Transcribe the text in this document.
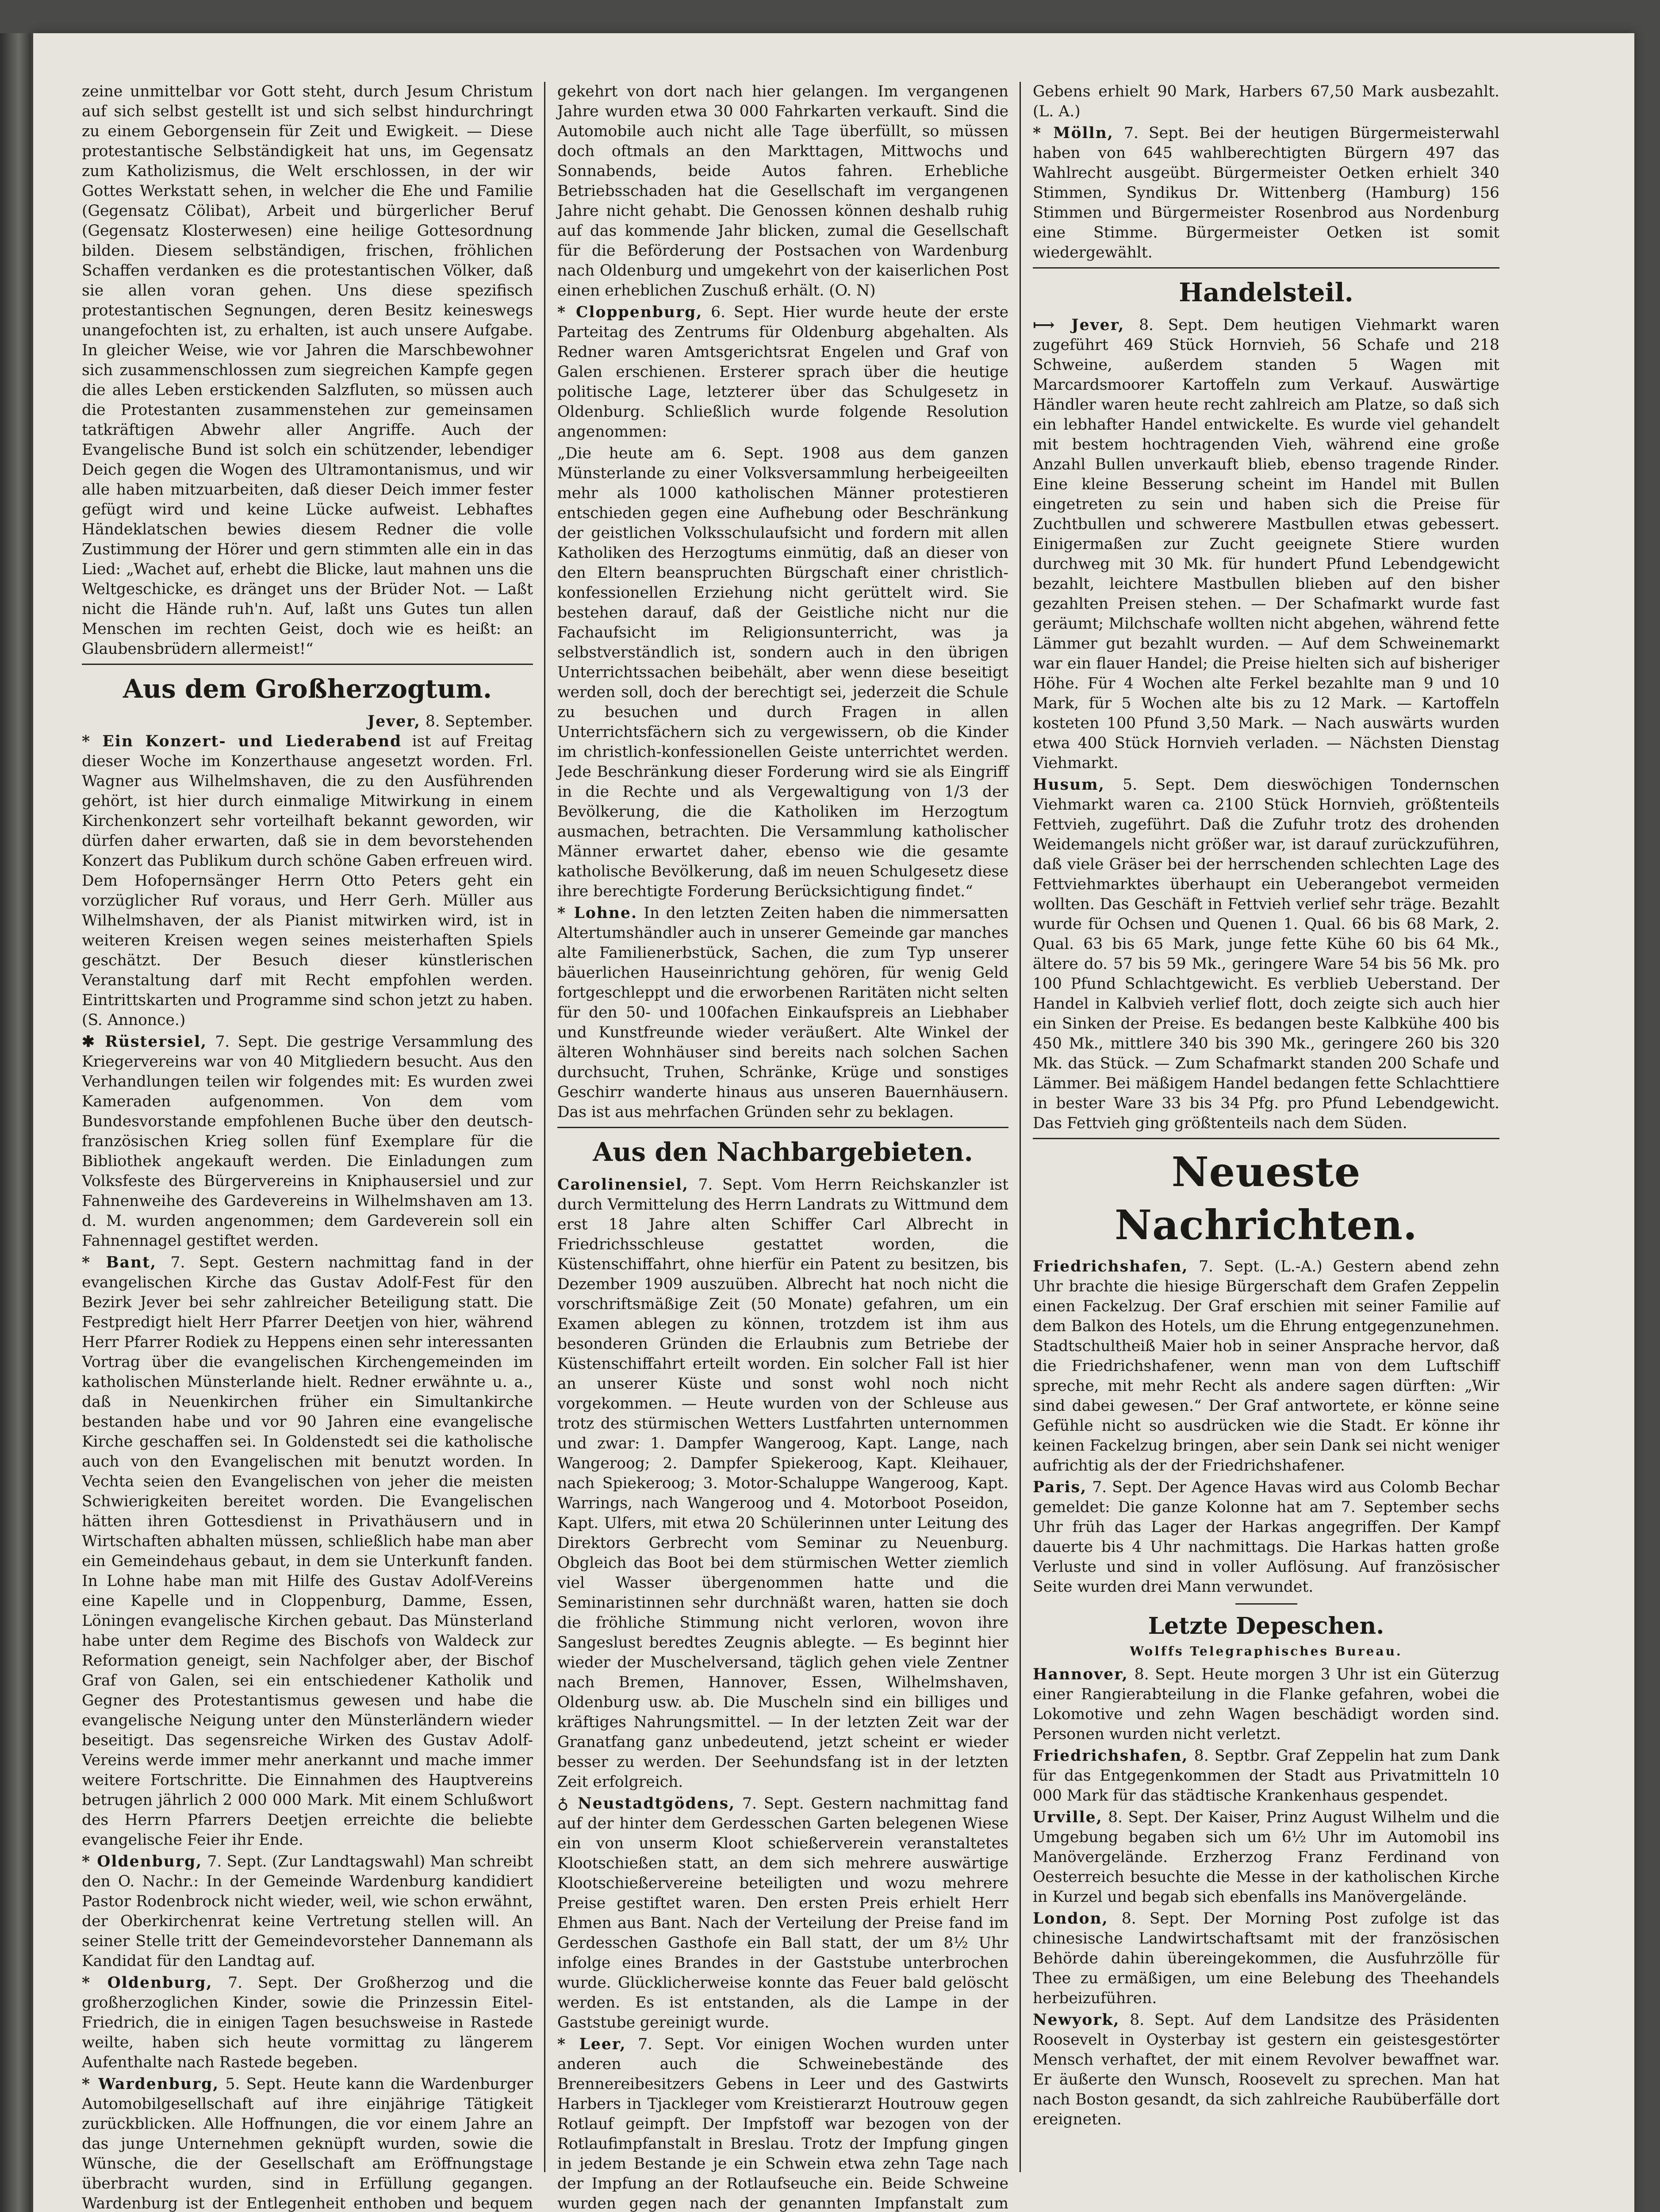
zeine unmittelbar vor Gott steht, durch Jesum Christum auf sich selbst gestellt ist und sich selbst hindurchringt zu einem Geborgensein für Zeit und Ewigkeit. — Diese protestantische Selbständigkeit hat uns, im Gegensatz zum Katholizismus, die Welt erschlossen, in der wir Gottes Werkstatt sehen, in welcher die Ehe und Familie (Gegensatz Cölibat), Arbeit und bürgerlicher Beruf (Gegensatz Klosterwesen) eine heilige Gottesordnung bilden. Diesem selbständigen, frischen, fröhlichen Schaffen verdanken es die protestantischen Völker, daß sie allen voran gehen. Uns diese spezifisch protestantischen Segnungen, deren Besitz keineswegs unangefochten ist, zu erhalten, ist auch unsere Aufgabe. In gleicher Weise, wie vor Jahren die Marschbewohner sich zusammenschlossen zum siegreichen Kampfe gegen die alles Leben erstickenden Salzfluten, so müssen auch die Protestanten zusammenstehen zur gemeinsamen tatkräftigen Abwehr aller Angriffe. Auch der Evangelische Bund ist solch ein schützender, lebendiger Deich gegen die Wogen des Ultramontanismus, und wir alle haben mitzuarbeiten, daß dieser Deich immer fester gefügt wird und keine Lücke aufweist. Lebhaftes Händeklatschen bewies diesem Redner die volle Zustimmung der Hörer und gern stimmten alle ein in das Lied: „Wachet auf, erhebt die Blicke, laut mahnen uns die Weltgeschicke, es dränget uns der Brüder Not. — Laßt nicht die Hände ruh'n. Auf, laßt uns Gutes tun allen Menschen im rechten Geist, doch wie es heißt: an Glaubensbrüdern allermeist!“

Aus dem Großherzogtum.
Jever, 8. September.

* Ein Konzert- und Liederabend ist auf Freitag dieser Woche im Konzerthause angesetzt worden. Frl. Wagner aus Wilhelmshaven, die zu den Ausführenden gehört, ist hier durch einmalige Mitwirkung in einem Kirchenkonzert sehr vorteilhaft bekannt geworden, wir dürfen daher erwarten, daß sie in dem bevorstehenden Konzert das Publikum durch schöne Gaben erfreuen wird. Dem Hofopernsänger Herrn Otto Peters geht ein vorzüglicher Ruf voraus, und Herr Gerh. Müller aus Wilhelmshaven, der als Pianist mitwirken wird, ist in weiteren Kreisen wegen seines meisterhaften Spiels geschätzt. Der Besuch dieser künstlerischen Veranstaltung darf mit Recht empfohlen werden. Eintrittskarten und Programme sind schon jetzt zu haben. (S. Annonce.)

✱ Rüstersiel, 7. Sept. Die gestrige Versammlung des Kriegervereins war von 40 Mitgliedern besucht. Aus den Verhandlungen teilen wir folgendes mit: Es wurden zwei Kameraden aufgenommen. Von dem vom Bundesvorstande empfohlenen Buche über den deutsch-französischen Krieg sollen fünf Exemplare für die Bibliothek angekauft werden. Die Einladungen zum Volksfeste des Bürgervereins in Kniphausersiel und zur Fahnenweihe des Gardevereins in Wilhelmshaven am 13. d. M. wurden angenommen; dem Gardeverein soll ein Fahnennagel gestiftet werden.

* Bant, 7. Sept. Gestern nachmittag fand in der evangelischen Kirche das Gustav Adolf-Fest für den Bezirk Jever bei sehr zahlreicher Beteiligung statt. Die Festpredigt hielt Herr Pfarrer Deetjen von hier, während Herr Pfarrer Rodiek zu Heppens einen sehr interessanten Vortrag über die evangelischen Kirchengemeinden im katholischen Münsterlande hielt. Redner erwähnte u. a., daß in Neuenkirchen früher ein Simultankirche bestanden habe und vor 90 Jahren eine evangelische Kirche geschaffen sei. In Goldenstedt sei die katholische auch von den Evangelischen mit benutzt worden. In Vechta seien den Evangelischen von jeher die meisten Schwierigkeiten bereitet worden. Die Evangelischen hätten ihren Gottesdienst in Privathäusern und in Wirtschaften abhalten müssen, schließlich habe man aber ein Gemeindehaus gebaut, in dem sie Unterkunft fanden. In Lohne habe man mit Hilfe des Gustav Adolf-Vereins eine Kapelle und in Cloppenburg, Damme, Essen, Löningen evangelische Kirchen gebaut. Das Münsterland habe unter dem Regime des Bischofs von Waldeck zur Reformation geneigt, sein Nachfolger aber, der Bischof Graf von Galen, sei ein entschiedener Katholik und Gegner des Protestantismus gewesen und habe die evangelische Neigung unter den Münsterländern wieder beseitigt. Das segensreiche Wirken des Gustav Adolf-Vereins werde immer mehr anerkannt und mache immer weitere Fortschritte. Die Einnahmen des Hauptvereins betrugen jährlich 2 000 000 Mark. Mit einem Schlußwort des Herrn Pfarrers Deetjen erreichte die beliebte evangelische Feier ihr Ende.

* Oldenburg, 7. Sept. (Zur Landtagswahl) Man schreibt den O. Nachr.: In der Gemeinde Wardenburg kandidiert Pastor Rodenbrock nicht wieder, weil, wie schon erwähnt, der Oberkirchenrat keine Vertretung stellen will. An seiner Stelle tritt der Gemeindevorsteher Dannemann als Kandidat für den Landtag auf.

* Oldenburg, 7. Sept. Der Großherzog und die großherzoglichen Kinder, sowie die Prinzessin Eitel-Friedrich, die in einigen Tagen besuchsweise in Rastede weilte, haben sich heute vormittag zu längerem Aufenthalte nach Rastede begeben.

* Wardenburg, 5. Sept. Heute kann die Wardenburger Automobilgesellschaft auf ihre einjährige Tätigkeit zurückblicken. Alle Hoffnungen, die vor einem Jahre an das junge Unternehmen geknüpft wurden, sowie die Wünsche, die der Gesellschaft am Eröffnungstage überbracht wurden, sind in Erfüllung gegangen. Wardenburg ist der Entlegenheit enthoben und bequem

gekehrt von dort nach hier gelangen. Im vergangenen Jahre wurden etwa 30 000 Fahrkarten verkauft. Sind die Automobile auch nicht alle Tage überfüllt, so müssen doch oftmals an den Markttagen, Mittwochs und Sonnabends, beide Autos fahren. Erhebliche Betriebsschaden hat die Gesellschaft im vergangenen Jahre nicht gehabt. Die Genossen können deshalb ruhig auf das kommende Jahr blicken, zumal die Gesellschaft für die Beförderung der Postsachen von Wardenburg nach Oldenburg und umgekehrt von der kaiserlichen Post einen erheblichen Zuschuß erhält. (O. N)

* Cloppenburg, 6. Sept. Hier wurde heute der erste Parteitag des Zentrums für Oldenburg abgehalten. Als Redner waren Amtsgerichtsrat Engelen und Graf von Galen erschienen. Ersterer sprach über die heutige politische Lage, letzterer über das Schulgesetz in Oldenburg. Schließlich wurde folgende Resolution angenommen:

„Die heute am 6. Sept. 1908 aus dem ganzen Münsterlande zu einer Volksversammlung herbeigeeilten mehr als 1000 katholischen Männer protestieren entschieden gegen eine Aufhebung oder Beschränkung der geistlichen Volksschulaufsicht und fordern mit allen Katholiken des Herzogtums einmütig, daß an dieser von den Eltern beanspruchten Bürgschaft einer christlich-konfessionellen Erziehung nicht gerüttelt wird. Sie bestehen darauf, daß der Geistliche nicht nur die Fachaufsicht im Religionsunterricht, was ja selbstverständlich ist, sondern auch in den übrigen Unterrichtssachen beibehält, aber wenn diese beseitigt werden soll, doch der berechtigt sei, jederzeit die Schule zu besuchen und durch Fragen in allen Unterrichtsfächern sich zu vergewissern, ob die Kinder im christlich-konfessionellen Geiste unterrichtet werden. Jede Beschränkung dieser Forderung wird sie als Eingriff in die Rechte und als Vergewaltigung von 1/3 der Bevölkerung, die die Katholiken im Herzogtum ausmachen, betrachten. Die Versammlung katholischer Männer erwartet daher, ebenso wie die gesamte katholische Bevölkerung, daß im neuen Schulgesetz diese ihre berechtigte Forderung Berücksichtigung findet.“

* Lohne. In den letzten Zeiten haben die nimmersatten Altertumshändler auch in unserer Gemeinde gar manches alte Familienerbstück, Sachen, die zum Typ unserer bäuerlichen Hauseinrichtung gehören, für wenig Geld fortgeschleppt und die erworbenen Raritäten nicht selten für den 50- und 100fachen Einkaufspreis an Liebhaber und Kunstfreunde wieder veräußert. Alte Winkel der älteren Wohnhäuser sind bereits nach solchen Sachen durchsucht, Truhen, Schränke, Krüge und sonstiges Geschirr wanderte hinaus aus unseren Bauernhäusern. Das ist aus mehrfachen Gründen sehr zu beklagen.

Aus den Nachbargebieten.

Carolinensiel, 7. Sept. Vom Herrn Reichskanzler ist durch Vermittelung des Herrn Landrats zu Wittmund dem erst 18 Jahre alten Schiffer Carl Albrecht in Friedrichsschleuse gestattet worden, die Küstenschiffahrt, ohne hierfür ein Patent zu besitzen, bis Dezember 1909 auszuüben. Albrecht hat noch nicht die vorschriftsmäßige Zeit (50 Monate) gefahren, um ein Examen ablegen zu können, trotzdem ist ihm aus besonderen Gründen die Erlaubnis zum Betriebe der Küstenschiffahrt erteilt worden. Ein solcher Fall ist hier an unserer Küste und sonst wohl noch nicht vorgekommen. — Heute wurden von der Schleuse aus trotz des stürmischen Wetters Lustfahrten unternommen und zwar: 1. Dampfer Wangeroog, Kapt. Lange, nach Wangeroog; 2. Dampfer Spiekeroog, Kapt. Kleihauer, nach Spiekeroog; 3. Motor-Schaluppe Wangeroog, Kapt. Warrings, nach Wangeroog und 4. Motorboot Poseidon, Kapt. Ulfers, mit etwa 20 Schülerinnen unter Leitung des Direktors Gerbrecht vom Seminar zu Neuenburg. Obgleich das Boot bei dem stürmischen Wetter ziemlich viel Wasser übergenommen hatte und die Seminaristinnen sehr durchnäßt waren, hatten sie doch die fröhliche Stimmung nicht verloren, wovon ihre Sangeslust beredtes Zeugnis ablegte. — Es beginnt hier wieder der Muschelversand, täglich gehen viele Zentner nach Bremen, Hannover, Essen, Wilhelmshaven, Oldenburg usw. ab. Die Muscheln sind ein billiges und kräftiges Nahrungsmittel. — In der letzten Zeit war der Granatfang ganz unbedeutend, jetzt scheint er wieder besser zu werden. Der Seehundsfang ist in der letzten Zeit erfolgreich.

♁ Neustadtgödens, 7. Sept. Gestern nachmittag fand auf der hinter dem Gerdesschen Garten belegenen Wiese ein von unserm Kloot schießerverein veranstaltetes Klootschießen statt, an dem sich mehrere auswärtige Klootschießervereine beteiligten und wozu mehrere Preise gestiftet waren. Den ersten Preis erhielt Herr Ehmen aus Bant. Nach der Verteilung der Preise fand im Gerdesschen Gasthofe ein Ball statt, der um 8½ Uhr infolge eines Brandes in der Gaststube unterbrochen wurde. Glücklicherweise konnte das Feuer bald gelöscht werden. Es ist entstanden, als die Lampe in der Gaststube gereinigt wurde.

* Leer, 7. Sept. Vor einigen Wochen wurden unter anderen auch die Schweinebestände des Brennereibesitzers Gebens in Leer und des Gastwirts Harbers in Tjackleger vom Kreistierarzt Houtrouw gegen Rotlauf geimpft. Der Impfstoff war bezogen von der Rotlaufimpfanstalt in Breslau. Trotz der Impfung gingen in jedem Bestande je ein Schwein etwa zehn Tage nach der Impfung an der Rotlaufseuche ein. Beide Schweine wurden gegen nach der genannten Impfanstalt zum

Gebens erhielt 90 Mark, Harbers 67,50 Mark ausbezahlt. (L. A.)

* Mölln, 7. Sept. Bei der heutigen Bürgermeisterwahl haben von 645 wahlberechtigten Bürgern 497 das Wahlrecht ausgeübt. Bürgermeister Oetken erhielt 340 Stimmen, Syndikus Dr. Wittenberg (Hamburg) 156 Stimmen und Bürgermeister Rosenbrod aus Nordenburg eine Stimme. Bürgermeister Oetken ist somit wiedergewählt.

Handelsteil.

⟼ Jever, 8. Sept. Dem heutigen Viehmarkt waren zugeführt 469 Stück Hornvieh, 56 Schafe und 218 Schweine, außerdem standen 5 Wagen mit Marcardsmoorer Kartoffeln zum Verkauf. Auswärtige Händler waren heute recht zahlreich am Platze, so daß sich ein lebhafter Handel entwickelte. Es wurde viel gehandelt mit bestem hochtragenden Vieh, während eine große Anzahl Bullen unverkauft blieb, ebenso tragende Rinder. Eine kleine Besserung scheint im Handel mit Bullen eingetreten zu sein und haben sich die Preise für Zuchtbullen und schwerere Mastbullen etwas gebessert. Einigermaßen zur Zucht geeignete Stiere wurden durchweg mit 30 Mk. für hundert Pfund Lebendgewicht bezahlt, leichtere Mastbullen blieben auf den bisher gezahlten Preisen stehen. — Der Schafmarkt wurde fast geräumt; Milchschafe wollten nicht abgehen, während fette Lämmer gut bezahlt wurden. — Auf dem Schweinemarkt war ein flauer Handel; die Preise hielten sich auf bisheriger Höhe. Für 4 Wochen alte Ferkel bezahlte man 9 und 10 Mark, für 5 Wochen alte bis zu 12 Mark. — Kartoffeln kosteten 100 Pfund 3,50 Mark. — Nach auswärts wurden etwa 400 Stück Hornvieh verladen. — Nächsten Dienstag Viehmarkt.

Husum, 5. Sept. Dem dieswöchigen Tondernschen Viehmarkt waren ca. 2100 Stück Hornvieh, größtenteils Fettvieh, zugeführt. Daß die Zufuhr trotz des drohenden Weidemangels nicht größer war, ist darauf zurückzuführen, daß viele Gräser bei der herrschenden schlechten Lage des Fettviehmarktes überhaupt ein Ueberangebot vermeiden wollten. Das Geschäft in Fettvieh verlief sehr träge. Bezahlt wurde für Ochsen und Quenen 1. Qual. 66 bis 68 Mark, 2. Qual. 63 bis 65 Mark, junge fette Kühe 60 bis 64 Mk., ältere do. 57 bis 59 Mk., geringere Ware 54 bis 56 Mk. pro 100 Pfund Schlachtgewicht. Es verblieb Ueberstand. Der Handel in Kalbvieh verlief flott, doch zeigte sich auch hier ein Sinken der Preise. Es bedangen beste Kalbkühe 400 bis 450 Mk., mittlere 340 bis 390 Mk., geringere 260 bis 320 Mk. das Stück. — Zum Schafmarkt standen 200 Schafe und Lämmer. Bei mäßigem Handel bedangen fette Schlachttiere in bester Ware 33 bis 34 Pfg. pro Pfund Lebendgewicht. Das Fettvieh ging größtenteils nach dem Süden.

Neueste Nachrichten.

Friedrichshafen, 7. Sept. (L.-A.) Gestern abend zehn Uhr brachte die hiesige Bürgerschaft dem Grafen Zeppelin einen Fackelzug. Der Graf erschien mit seiner Familie auf dem Balkon des Hotels, um die Ehrung entgegenzunehmen. Stadtschultheiß Maier hob in seiner Ansprache hervor, daß die Friedrichshafener, wenn man von dem Luftschiff spreche, mit mehr Recht als andere sagen dürften: „Wir sind dabei gewesen.“ Der Graf antwortete, er könne seine Gefühle nicht so ausdrücken wie die Stadt. Er könne ihr keinen Fackelzug bringen, aber sein Dank sei nicht weniger aufrichtig als der der Friedrichshafener.

Paris, 7. Sept. Der Agence Havas wird aus Colomb Bechar gemeldet: Die ganze Kolonne hat am 7. September sechs Uhr früh das Lager der Harkas angegriffen. Der Kampf dauerte bis 4 Uhr nachmittags. Die Harkas hatten große Verluste und sind in voller Auflösung. Auf französischer Seite wurden drei Mann verwundet.

Letzte Depeschen.
Wolffs Telegraphisches Bureau.

Hannover, 8. Sept. Heute morgen 3 Uhr ist ein Güterzug einer Rangierabteilung in die Flanke gefahren, wobei die Lokomotive und zehn Wagen beschädigt worden sind. Personen wurden nicht verletzt.

Friedrichshafen, 8. Septbr. Graf Zeppelin hat zum Dank für das Entgegenkommen der Stadt aus Privatmitteln 10 000 Mark für das städtische Krankenhaus gespendet.

Urville, 8. Sept. Der Kaiser, Prinz August Wilhelm und die Umgebung begaben sich um 6½ Uhr im Automobil ins Manövergelände. Erzherzog Franz Ferdinand von Oesterreich besuchte die Messe in der katholischen Kirche in Kurzel und begab sich ebenfalls ins Manövergelände.

London, 8. Sept. Der Morning Post zufolge ist das chinesische Landwirtschaftsamt mit der französischen Behörde dahin übereingekommen, die Ausfuhrzölle für Thee zu ermäßigen, um eine Belebung des Theehandels herbeizuführen.

Newyork, 8. Sept. Auf dem Landsitze des Präsidenten Roosevelt in Oysterbay ist gestern ein geistesgestörter Mensch verhaftet, der mit einem Revolver bewaffnet war. Er äußerte den Wunsch, Roosevelt zu sprechen. Man hat nach Boston gesandt, da sich zahlreiche Raubüberfälle dort ereigneten.
